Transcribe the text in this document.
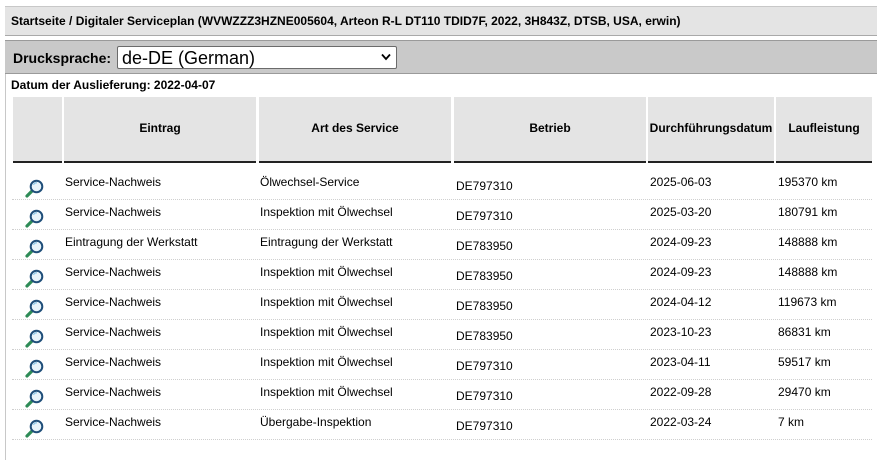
Startseite / Digitaler Serviceplan (WVWZZZ3HZNE005604, Arteon R-L DT110 TDID7F, 2022, 3H843Z, DTSB, USA, erwin)
Drucksprache: de-DE (German)
Datum der Auslieferung: 2022-04-07
Eintrag	Art des Service	Betrieb	Durchführungsdatum	Laufleistung
Service-Nachweis	Ölwechsel-Service	DE797310	2025-06-03	195370 km
Service-Nachweis	Inspektion mit Ölwechsel	DE797310	2025-03-20	180791 km
Eintragung der Werkstatt	Eintragung der Werkstatt	DE783950	2024-09-23	148888 km
Service-Nachweis	Inspektion mit Ölwechsel	DE783950	2024-09-23	148888 km
Service-Nachweis	Inspektion mit Ölwechsel	DE783950	2024-04-12	119673 km
Service-Nachweis	Inspektion mit Ölwechsel	DE783950	2023-10-23	86831 km
Service-Nachweis	Inspektion mit Ölwechsel	DE797310	2023-04-11	59517 km
Service-Nachweis	Inspektion mit Ölwechsel	DE797310	2022-09-28	29470 km
Service-Nachweis	Übergabe-Inspektion	DE797310	2022-03-24	7 km
